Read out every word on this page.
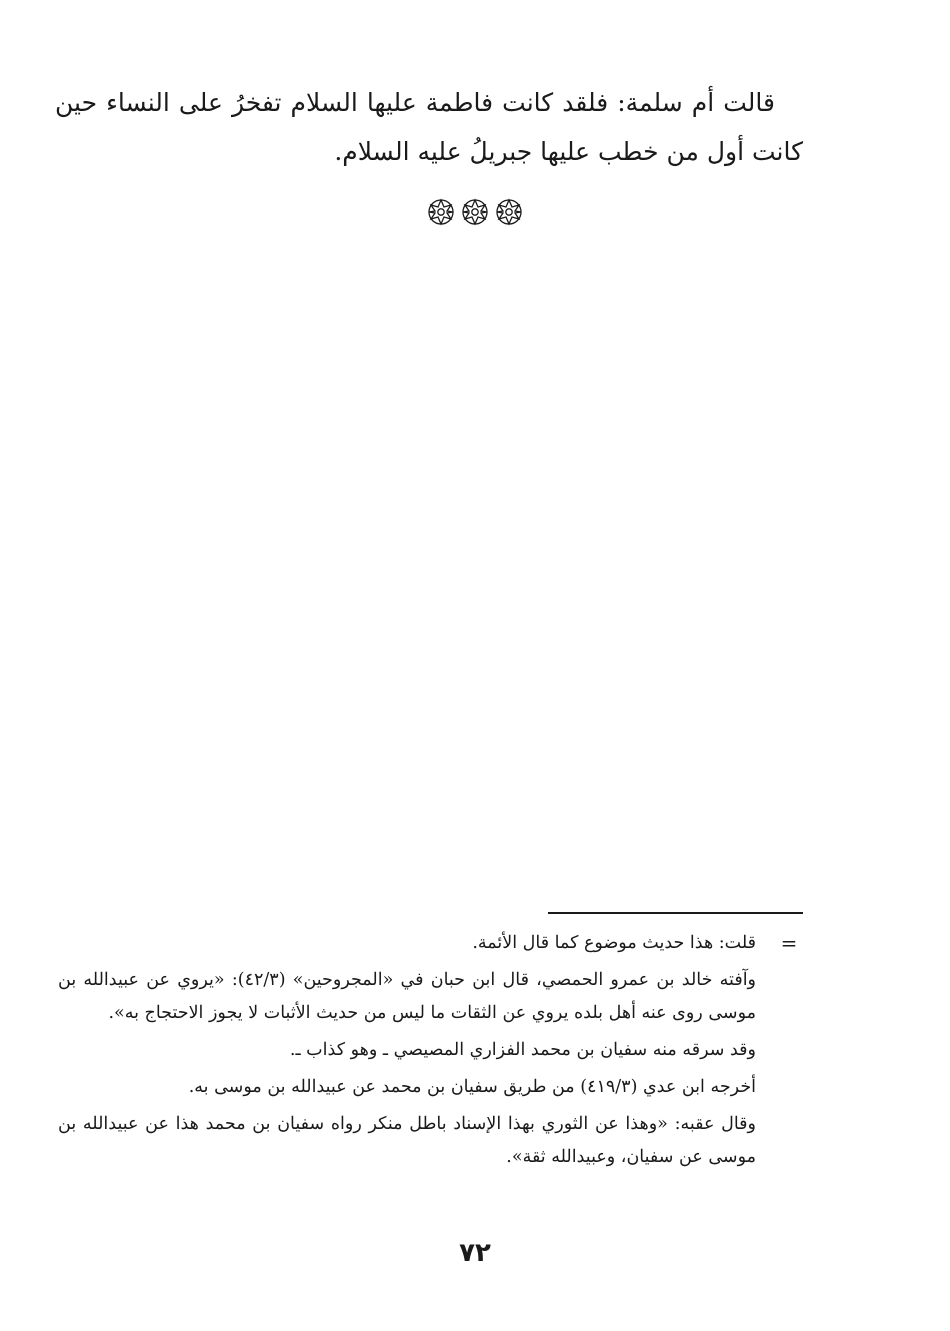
قالت أم سلمة: فلقد كانت فاطمة عليها السلام تفخرُ على النساء حين كانت أول من خطب عليها جبريلُ عليه السلام.

=

قلت: هذا حديث موضوع كما قال الأئمة.

وآفته خالد بن عمرو الحمصي، قال ابن حبان في «المجروحين» (٤٢/٣): «يروي عن عبيدالله بن موسى روى عنه أهل بلده يروي عن الثقات ما ليس من حديث الأثبات لا يجوز الاحتجاج به».

وقد سرقه منه سفيان بن محمد الفزاري المصيصي ـ وهو كذاب ـ.

أخرجه ابن عدي (٤١٩/٣) من طريق سفيان بن محمد عن عبيدالله بن موسى به.

وقال عقبه: «وهذا عن الثوري بهذا الإسناد باطل منكر رواه سفيان بن محمد هذا عن عبيدالله بن موسى عن سفيان، وعبيدالله ثقة».

٧٢
